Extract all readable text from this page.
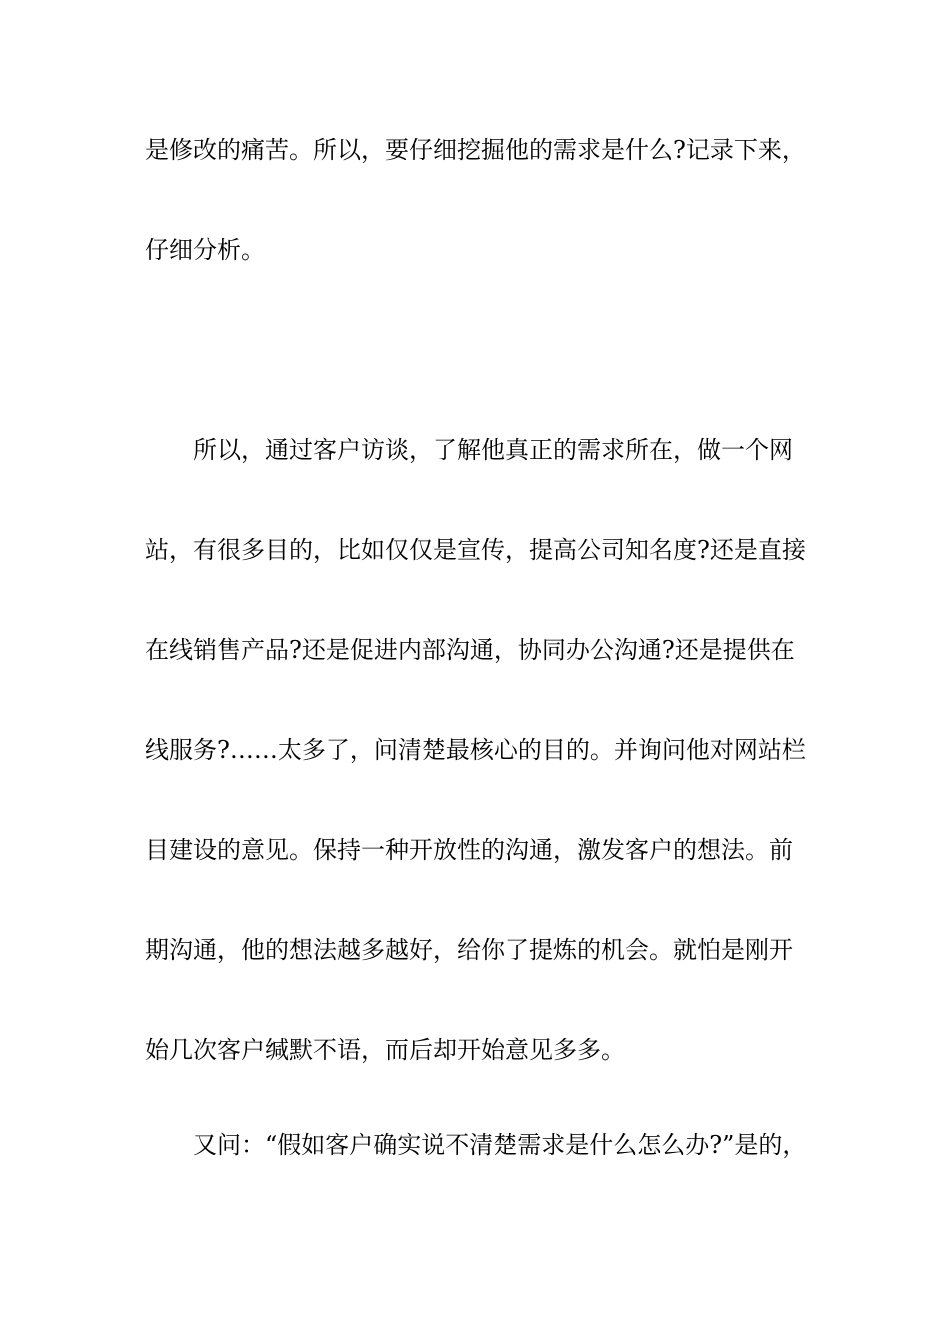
是修改的痛苦。所以，要仔细挖掘他的需求是什么?记录下来，

仔细分析。

所以，通过客户访谈，了解他真正的需求所在，做一个网

站，有很多目的，比如仅仅是宣传，提高公司知名度?还是直接

在线销售产品?还是促进内部沟通，协同办公沟通?还是提供在

线服务?……太多了，问清楚最核心的目的。并询问他对网站栏

目建设的意见。保持一种开放性的沟通，激发客户的想法。前

期沟通，他的想法越多越好，给你了提炼的机会。就怕是刚开

始几次客户缄默不语，而后却开始意见多多。

又问：“假如客户确实说不清楚需求是什么怎么办?”是的，
